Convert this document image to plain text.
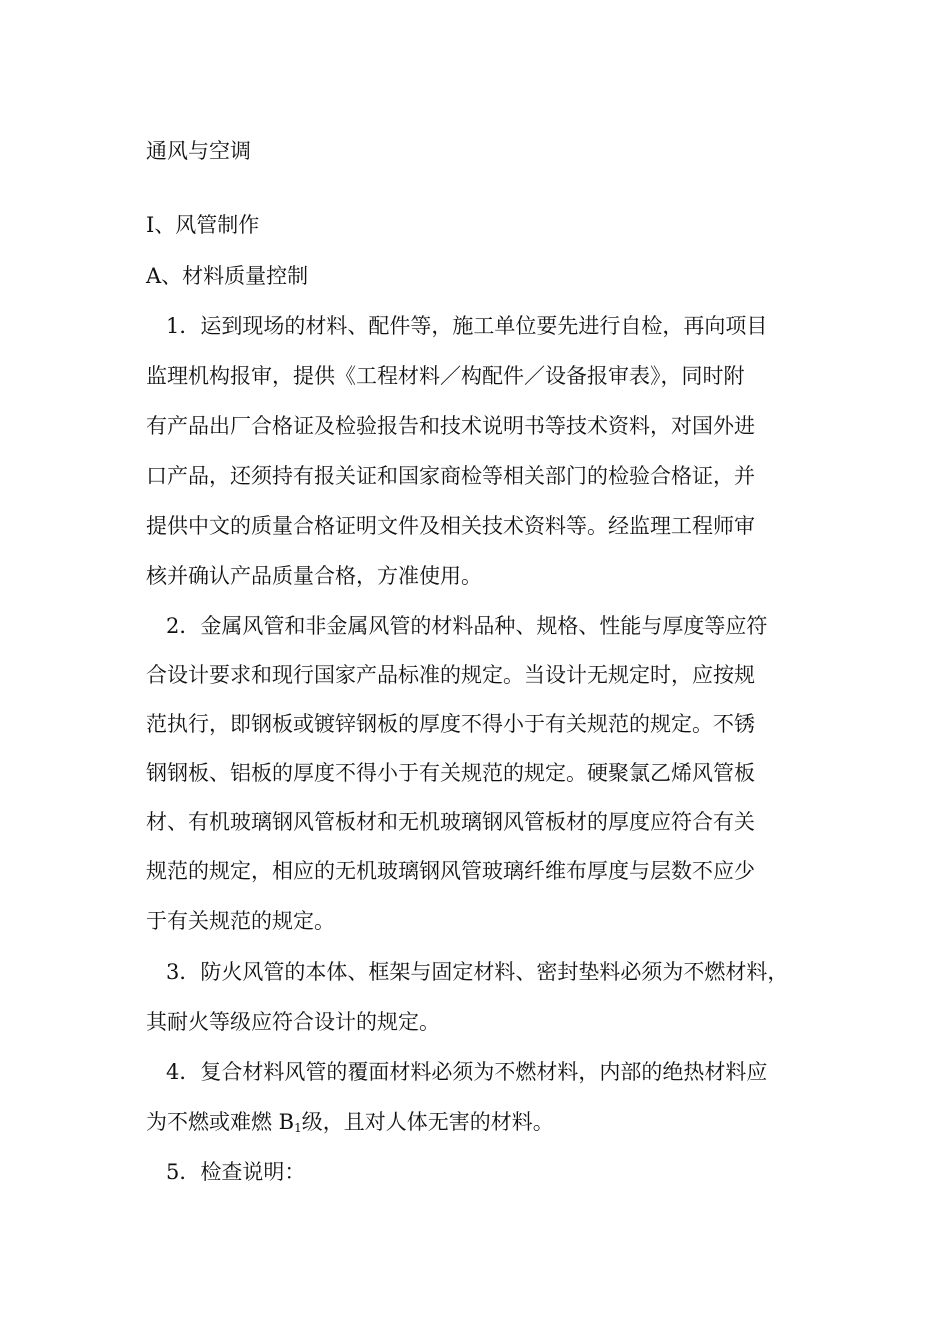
通风与空调
Ⅰ、风管制作
A、材料质量控制
1．运到现场的材料、配件等，施工单位要先进行自检，再向项目
监理机构报审，提供《工程材料／构配件／设备报审表》，同时附
有产品出厂合格证及检验报告和技术说明书等技术资料，对国外进
口产品，还须持有报关证和国家商检等相关部门的检验合格证，并
提供中文的质量合格证明文件及相关技术资料等。经监理工程师审
核并确认产品质量合格，方准使用。
2．金属风管和非金属风管的材料品种、规格、性能与厚度等应符
合设计要求和现行国家产品标准的规定。当设计无规定时，应按规
范执行，即钢板或镀锌钢板的厚度不得小于有关规范的规定。不锈
钢钢板、铝板的厚度不得小于有关规范的规定。硬聚氯乙烯风管板
材、有机玻璃钢风管板材和无机玻璃钢风管板材的厚度应符合有关
规范的规定，相应的无机玻璃钢风管玻璃纤维布厚度与层数不应少
于有关规范的规定。
3．防火风管的本体、框架与固定材料、密封垫料必须为不燃材料，
其耐火等级应符合设计的规定。
4．复合材料风管的覆面材料必须为不燃材料，内部的绝热材料应
为不燃或难燃 $B_1$级，且对人体无害的材料。
5．检查说明：
